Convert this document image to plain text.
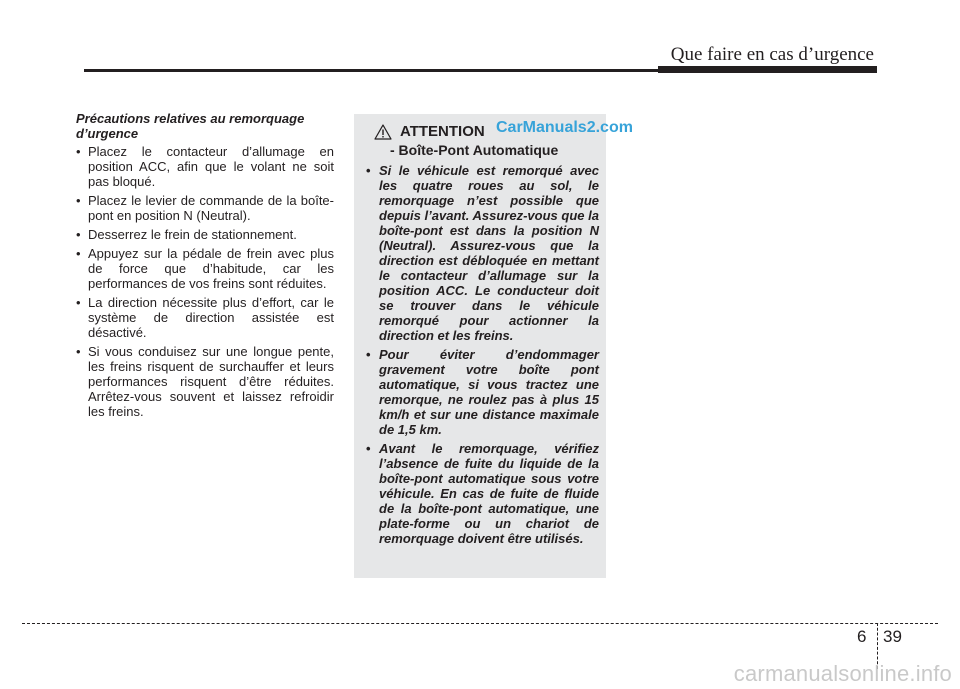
Que faire en cas d’urgence
Précautions relatives au remorquage d’urgence
• Placez le contacteur d’allumage en position ACC, afin que le volant ne soit pas bloqué.
• Placez le levier de commande de la boîte-pont en position N (Neutral).
• Desserrez le frein de stationnement.
• Appuyez sur la pédale de frein avec plus de force que d’habitude, car les performances de vos freins sont réduites.
• La direction nécessite plus d’effort, car le système de direction assistée est désactivé.
• Si vous conduisez sur une longue pente, les freins risquent de surchauffer et leurs performances risquent d’être réduites. Arrêtez-vous souvent et laissez refroidir les freins.
ATTENTION CarManuals2.com
- Boîte-Pont Automatique
• Si le véhicule est remorqué avec les quatre roues au sol, le remorquage n’est possible que depuis l’avant. Assurez-vous que la boîte-pont est dans la position N (Neutral). Assurez-vous que la direction est débloquée en mettant le contacteur d’allumage sur la position ACC. Le conducteur doit se trouver dans le véhicule remorqué pour actionner la direction et les freins.
• Pour éviter d’endommager gravement votre boîte pont automatique, si vous tractez une remorque, ne roulez pas à plus 15 km/h et sur une distance maximale de 1,5 km.
• Avant le remorquage, vérifiez l’absence de fuite du liquide de la boîte-pont automatique sous votre véhicule. En cas de fuite de fluide de la boîte-pont automatique, une plate-forme ou un chariot de remorquage doivent être utilisés.
6 39
carmanualsonline.info
